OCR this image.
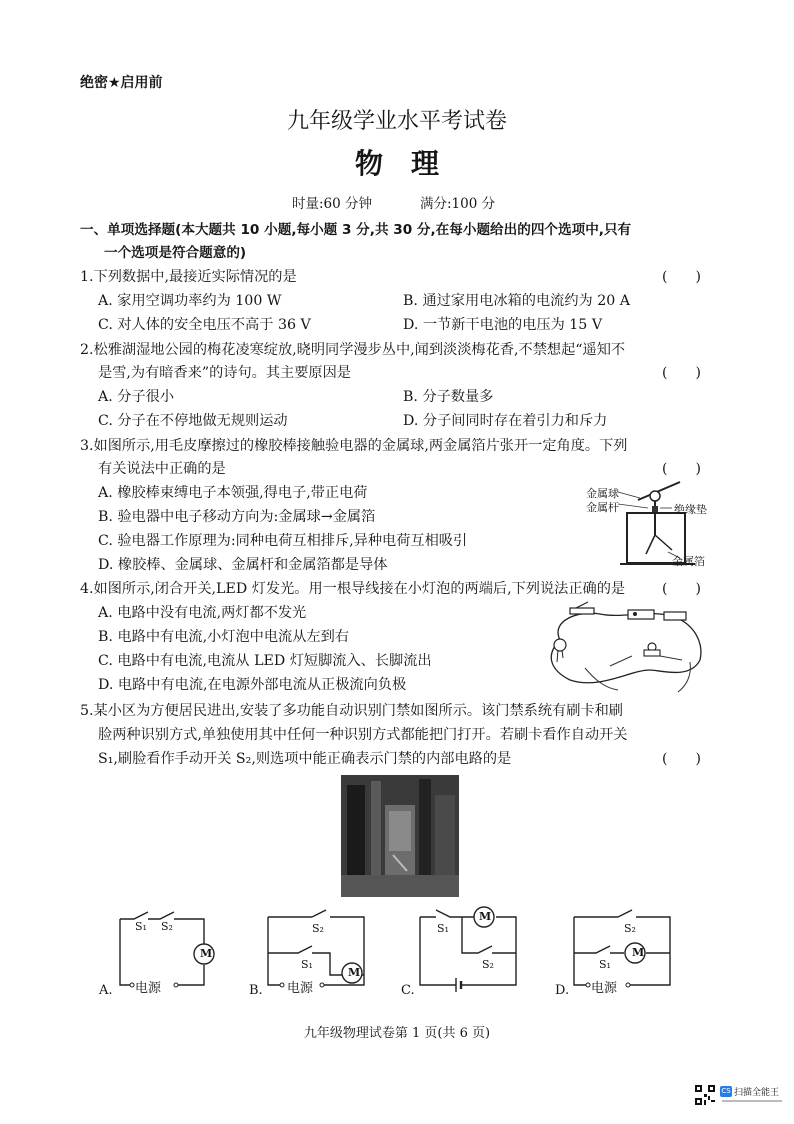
绝密★启用前
九年级学业水平考试卷
物　理
时量:60 分钟	满分:100 分
一、单项选择题(本大题共 10 小题,每小题 3 分,共 30 分,在每小题给出的四个选项中,只有
一个选项是符合题意的)
1.下列数据中,最接近实际情况的是	(　　)
A. 家用空调功率约为 100 W	B. 通过家用电冰箱的电流约为 20 A
C. 对人体的安全电压不高于 36 V	D. 一节新干电池的电压为 15 V
2.松雅湖湿地公园的梅花凌寒绽放,晓明同学漫步丛中,闻到淡淡梅花香,不禁想起“遥知不
是雪,为有暗香来”的诗句。其主要原因是	(　　)
A. 分子很小	B. 分子数量多
C. 分子在不停地做无规则运动	D. 分子间同时存在着引力和斥力
3.如图所示,用毛皮摩擦过的橡胶棒接触验电器的金属球,两金属箔片张开一定角度。下列
有关说法中正确的是	(　　)
A. 橡胶棒束缚电子本领强,得电子,带正电荷
B. 验电器中电子移动方向为:金属球→金属箔
C. 验电器工作原理为:同种电荷互相排斥,异种电荷互相吸引
D. 橡胶棒、金属球、金属杆和金属箔都是导体
金属球
金属杆	绝缘垫
金属箔
4.如图所示,闭合开关,LED 灯发光。用一根导线接在小灯泡的两端后,下列说法正确的是	(　　)
A. 电路中没有电流,两灯都不发光
B. 电路中有电流,小灯泡中电流从左到右
C. 电路中有电流,电流从 LED 灯短脚流入、长脚流出
D. 电路中有电流,在电源外部电流从正极流向负极
5.某小区为方便居民进出,安装了多功能自动识别门禁如图所示。该门禁系统有刷卡和刷
脸两种识别方式,单独使用其中任何一种识别方式都能把门打开。若刷卡看作自动开关
S₁,刷脸看作手动开关 S₂,则选项中能正确表示门禁的内部电路的是	(　　)
A. 电源
S₁ S₂
M
B. 电源
S₂
S₁
M
C.
S₁
S₂
M
D. 电源
S₂
S₁
M
九年级物理试卷第 1 页(共 6 页)
CS 扫描全能王
